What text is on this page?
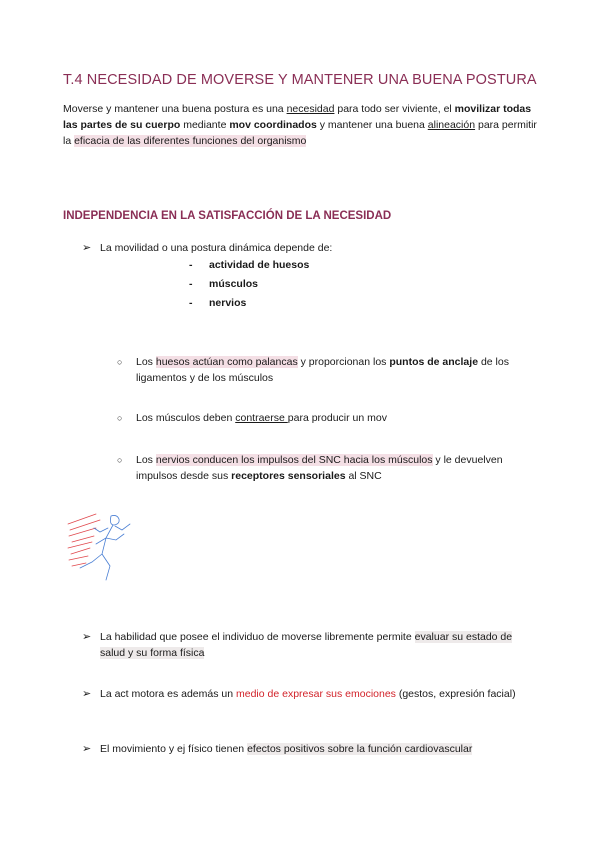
T.4 NECESIDAD DE MOVERSE Y MANTENER UNA BUENA POSTURA
Moverse y mantener una buena postura es una necesidad para todo ser viviente, el movilizar todas las partes de su cuerpo mediante mov coordinados y mantener una buena alineación para permitir la eficacia de las diferentes funciones del organismo
INDEPENDENCIA EN LA SATISFACCIÓN DE LA NECESIDAD
➢ La movilidad o una postura dinámica depende de:
- actividad de huesos
- músculos
- nervios
○ Los huesos actúan como palancas y proporcionan los puntos de anclaje de los ligamentos y de los músculos
○ Los músculos deben contraerse para producir un mov
○ Los nervios conducen los impulsos del SNC hacia los músculos y le devuelven impulsos desde sus receptores sensoriales al SNC
➢ La habilidad que posee el individuo de moverse libremente permite evaluar su estado de salud y su forma física
➢ La act motora es además un medio de expresar sus emociones (gestos, expresión facial)
➢ El movimiento y ej físico tienen efectos positivos sobre la función cardiovascular
